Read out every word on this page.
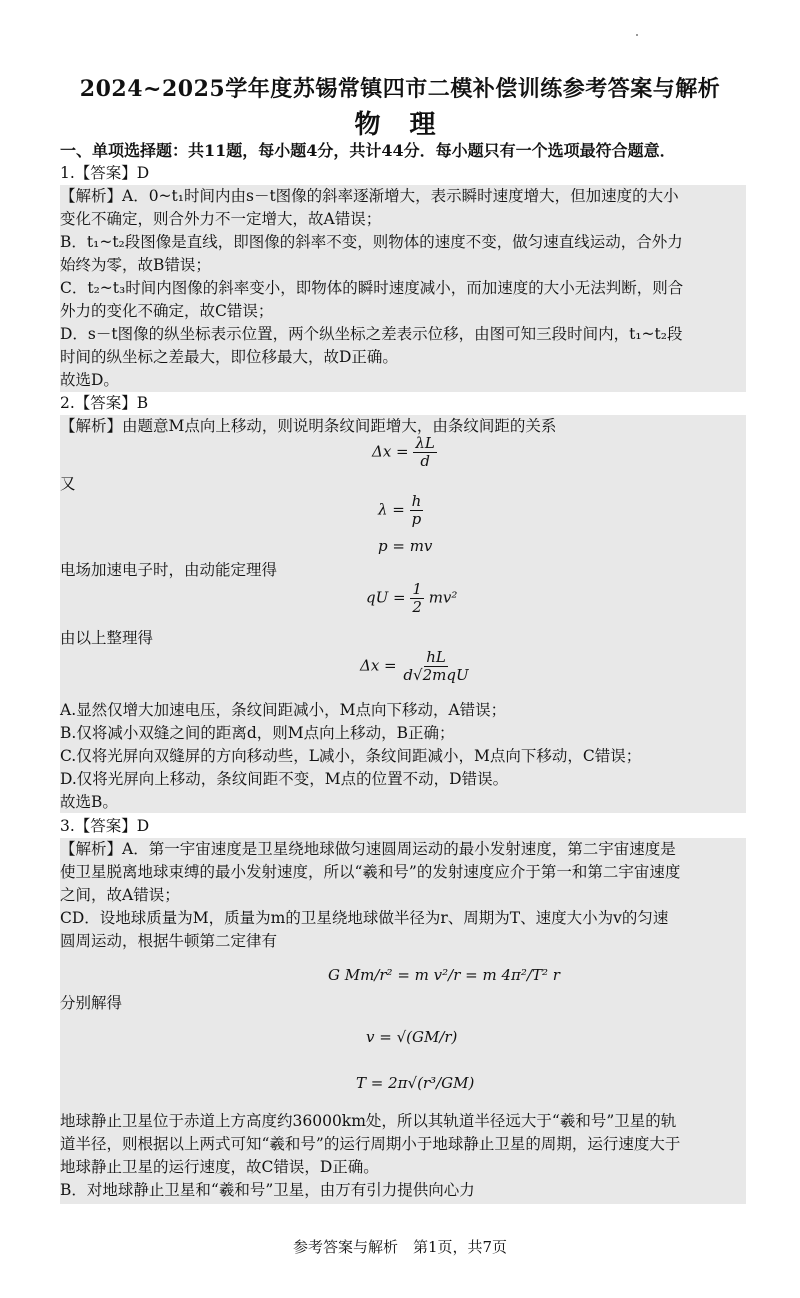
2024~2025学年度苏锡常镇四市二模补偿训练参考答案与解析
物 理
一、单项选择题：共11题，每小题4分，共计44分．每小题只有一个选项最符合题意．
1.【答案】D
【解析】A．0~t₁时间内由s－t图像的斜率逐渐增大，表示瞬时速度增大，但加速度的大小
变化不确定，则合外力不一定增大，故A错误；
B．t₁~t₂段图像是直线，即图像的斜率不变，则物体的速度不变，做匀速直线运动，合外力
始终为零，故B错误；
C．t₂~t₃时间内图像的斜率变小，即物体的瞬时速度减小，而加速度的大小无法判断，则合
外力的变化不确定，故C错误；
D．s－t图像的纵坐标表示位置，两个纵坐标之差表示位移，由图可知三段时间内，t₁~t₂段
时间的纵坐标之差最大，即位移最大，故D正确。
故选D。
2.【答案】B
【解析】由题意M点向上移动，则说明条纹间距增大，由条纹间距的关系
$\Delta x = \frac{\lambda L}{d}$
又
$\lambda = \frac{h}{p}$
p = mv
电场加速电子时，由动能定理得
qU = $\frac{1}{2} mv^2$
由以上整理得
$\Delta x = \frac{hL}{\text{d√2mqU}}$
A.显然仅增大加速电压，条纹间距减小，M点向下移动，A错误；
B.仅将减小双缝之间的距离d，则M点向上移动，B正确；
C.仅将光屏向双缝屏的方向移动些，L减小，条纹间距减小，M点向下移动，C错误；
D.仅将光屏向上移动，条纹间距不变，M点的位置不动，D错误。
故选B。
3.【答案】D
【解析】A．第一宇宙速度是卫星绕地球做匀速圆周运动的最小发射速度，第二宇宙速度是
使卫星脱离地球束缚的最小发射速度，所以“羲和号”的发射速度应介于第一和第二宇宙速度
之间，故A错误；
CD．设地球质量为M，质量为m的卫星绕地球做半径为r、周期为T、速度大小为v的匀速
圆周运动，根据牛顿第二定律有
G Mm/r² = m v²/r = m 4π²/T² r
分别解得
v = √(GM/r)
T = 2π√(r³/GM)
地球静止卫星位于赤道上方高度约36000km处，所以其轨道半径远大于“羲和号”卫星的轨
道半径，则根据以上两式可知“羲和号”的运行周期小于地球静止卫星的周期，运行速度大于
地球静止卫星的运行速度，故C错误，D正确。
B．对地球静止卫星和“羲和号”卫星，由万有引力提供向心力
参考答案与解析　第1页，共7页
